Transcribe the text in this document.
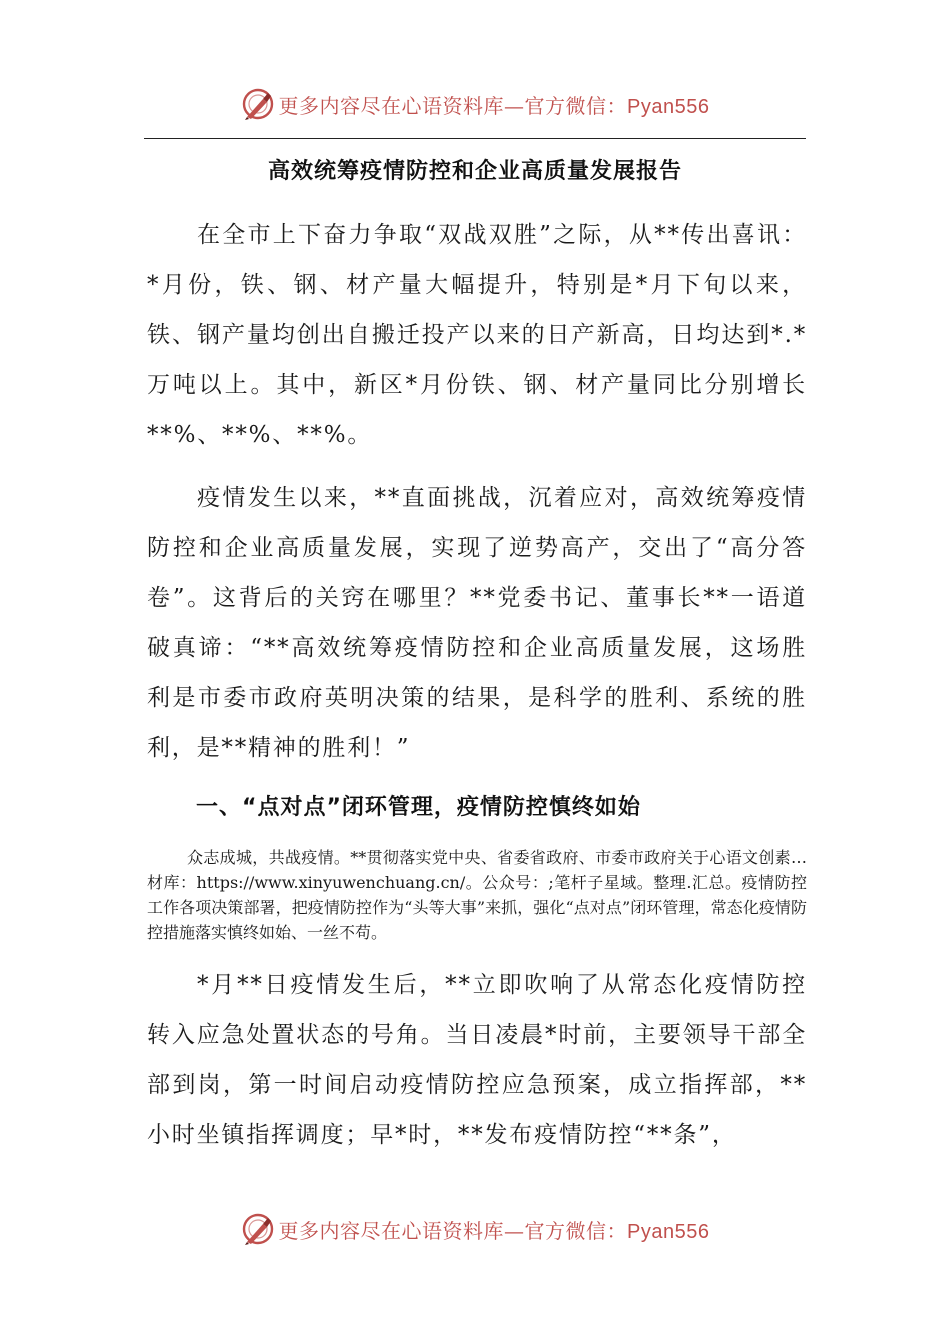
更多内容尽在心语资料库—官方微信：Pyan556
高效统筹疫情防控和企业高质量发展报告

在全市上下奋力争取“双战双胜”之际，从**传出喜讯：*月份，铁、钢、材产量大幅提升，特别是*月下旬以来，铁、钢产量均创出自搬迁投产以来的日产新高，日均达到*.*万吨以上。其中，新区*月份铁、钢、材产量同比分别增长**%、**%、**%。

疫情发生以来，**直面挑战，沉着应对，高效统筹疫情防控和企业高质量发展，实现了逆势高产，交出了“高分答卷”。这背后的关窍在哪里？**党委书记、董事长**一语道破真谛：“**高效统筹疫情防控和企业高质量发展，这场胜利是市委市政府英明决策的结果，是科学的胜利、系统的胜利，是**精神的胜利！”

一、“点对点”闭环管理，疫情防控慎终如始

众志成城，共战疫情。**贯彻落实党中央、省委省政府、市委市政府关于心语文创素…材库：https://www.xinyuwenchuang.cn/。公众号：;笔杆子星域。整理.汇总。疫情防控工作各项决策部署，把疫情防控作为“头等大事”来抓，强化“点对点”闭环管理，常态化疫情防控措施落实慎终如始、一丝不苟。

*月**日疫情发生后，**立即吹响了从常态化疫情防控转入应急处置状态的号角。当日凌晨*时前，主要领导干部全部到岗，第一时间启动疫情防控应急预案，成立指挥部，**小时坐镇指挥调度；早*时，**发布疫情防控“**条”，

更多内容尽在心语资料库—官方微信：Pyan556
